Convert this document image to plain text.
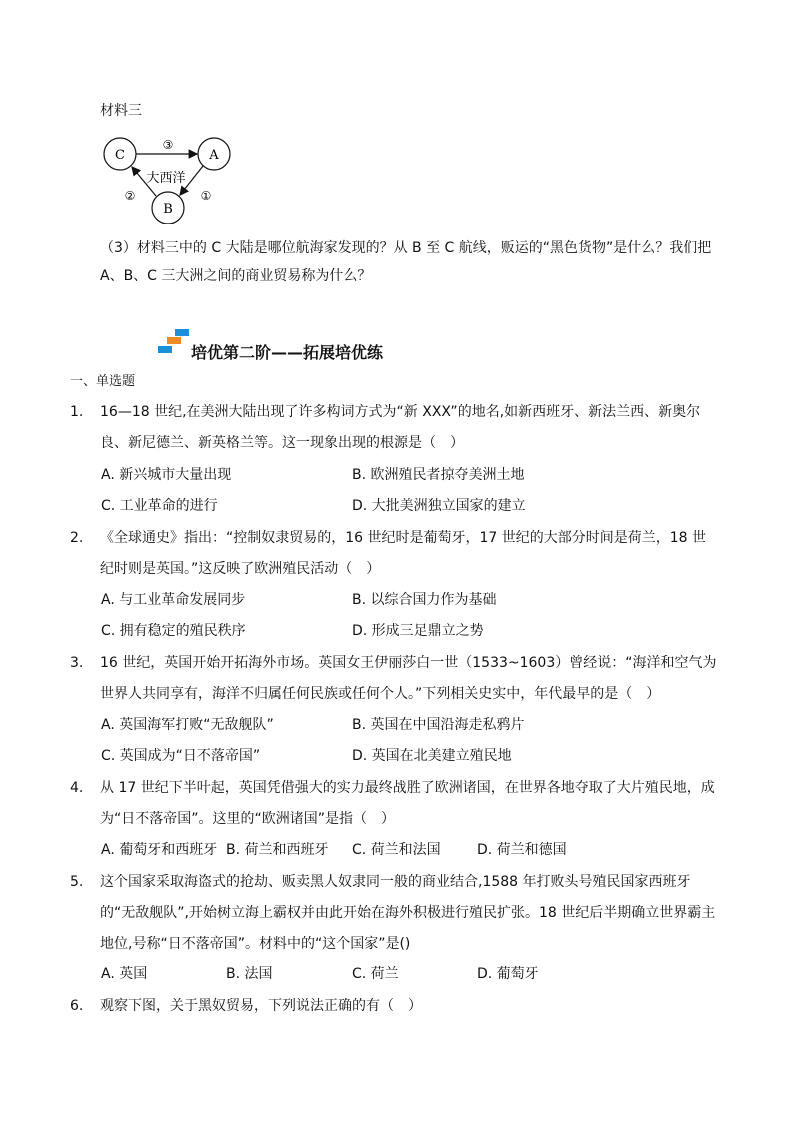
材料三
C	A
B
③
②	①
大西洋
（3）材料三中的 C 大陆是哪位航海家发现的？从 B 至 C 航线，贩运的“黑色货物”是什么？我们把 A、B、C 三大洲之间的商业贸易称为什么？
培优第二阶——拓展培优练
一、单选题
1. 16—18 世纪,在美洲大陆出现了许多构词方式为“新 XXX”的地名,如新西班牙、新法兰西、新奥尔良、新尼德兰、新英格兰等。这一现象出现的根源是（　）
A. 新兴城市大量出现	B. 欧洲殖民者掠夺美洲土地
C. 工业革命的进行	D. 大批美洲独立国家的建立
2. 《全球通史》指出：“控制奴隶贸易的，16 世纪时是葡萄牙，17 世纪的大部分时间是荷兰，18 世纪时则是英国。”这反映了欧洲殖民活动（　）
A. 与工业革命发展同步	B. 以综合国力作为基础
C. 拥有稳定的殖民秩序	D. 形成三足鼎立之势
3. 16 世纪，英国开始开拓海外市场。英国女王伊丽莎白一世（1533~1603）曾经说：“海洋和空气为世界人共同享有，海洋不归属任何民族或任何个人。”下列相关史实中，年代最早的是（　）
A. 英国海军打败“无敌舰队”	B. 英国在中国沿海走私鸦片
C. 英国成为“日不落帝国”	D. 英国在北美建立殖民地
4. 从 17 世纪下半叶起，英国凭借强大的实力最终战胜了欧洲诸国，在世界各地夺取了大片殖民地，成为“日不落帝国”。这里的“欧洲诸国”是指（　）
A. 葡萄牙和西班牙 B. 荷兰和西班牙 C. 荷兰和法国	D. 荷兰和德国
5. 这个国家采取海盗式的抢劫、贩卖黑人奴隶同一般的商业结合,1588 年打败头号殖民国家西班牙的“无敌舰队”,开始树立海上霸权并由此开始在海外积极进行殖民扩张。18 世纪后半期确立世界霸主地位,号称“日不落帝国”。材料中的“这个国家”是()
A. 英国	B. 法国	C. 荷兰	D. 葡萄牙
6. 观察下图，关于黑奴贸易，下列说法正确的有（　）
